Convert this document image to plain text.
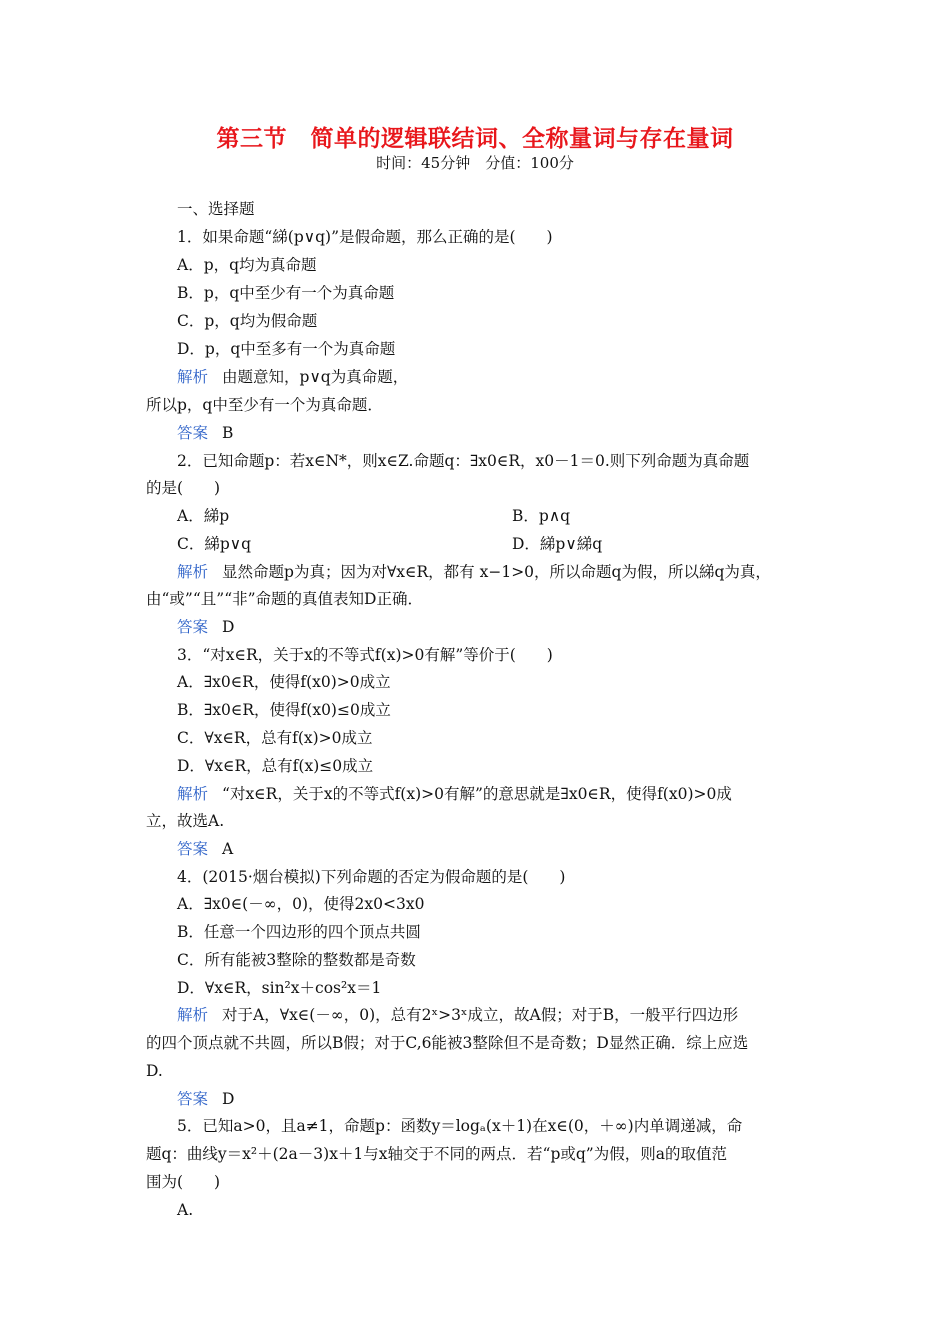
第三节　简单的逻辑联结词、全称量词与存在量词
时间：45分钟　分值：100分
一、选择题
1．如果命题“綈(p∨q)”是假命题，那么正确的是(　　)
A．p，q均为真命题
B．p，q中至少有一个为真命题
C．p，q均为假命题
D．p，q中至多有一个为真命题
解析 由题意知，p∨q为真命题，
所以p，q中至少有一个为真命题．
答案 B
2．已知命题p：若x∈N*，则x∈Z.命题q：∃x0∈R，x0－1＝0.则下列命题为真命题
的是(　　)
A．綈p	B．p∧q
C．綈p∨q	D．綈p∨綈q
解析 显然命题p为真；因为对∀x∈R，都有 x−1>0，所以命题q为假，所以綈q为真，
由“或”“且”“非”命题的真值表知D正确．
答案 D
3．“对x∈R，关于x的不等式f(x)>0有解”等价于(　　)
A．∃x0∈R，使得f(x0)>0成立
B．∃x0∈R，使得f(x0)≤0成立
C．∀x∈R，总有f(x)>0成立
D．∀x∈R，总有f(x)≤0成立
解析 “对x∈R，关于x的不等式f(x)>0有解”的意思就是∃x0∈R，使得f(x0)>0成
立，故选A.
答案 A
4．(2015·烟台模拟)下列命题的否定为假命题的是(　　)
A．∃x0∈(－∞，0)，使得2x0<3x0
B．任意一个四边形的四个顶点共圆
C．所有能被3整除的整数都是奇数
D．∀x∈R，sin²x＋cos²x＝1
解析 对于A，∀x∈(－∞，0)，总有2ˣ>3ˣ成立，故A假；对于B，一般平行四边形
的四个顶点就不共圆，所以B假；对于C,6能被3整除但不是奇数；D显然正确．综上应选
D.
答案 D
5．已知a>0，且a≠1，命题p：函数y＝logₐ(x＋1)在x∈(0，＋∞)内单调递减，命
题q：曲线y＝x²＋(2a－3)x＋1与x轴交于不同的两点．若“p或q”为假，则a的取值范
围为(　　)
A.
